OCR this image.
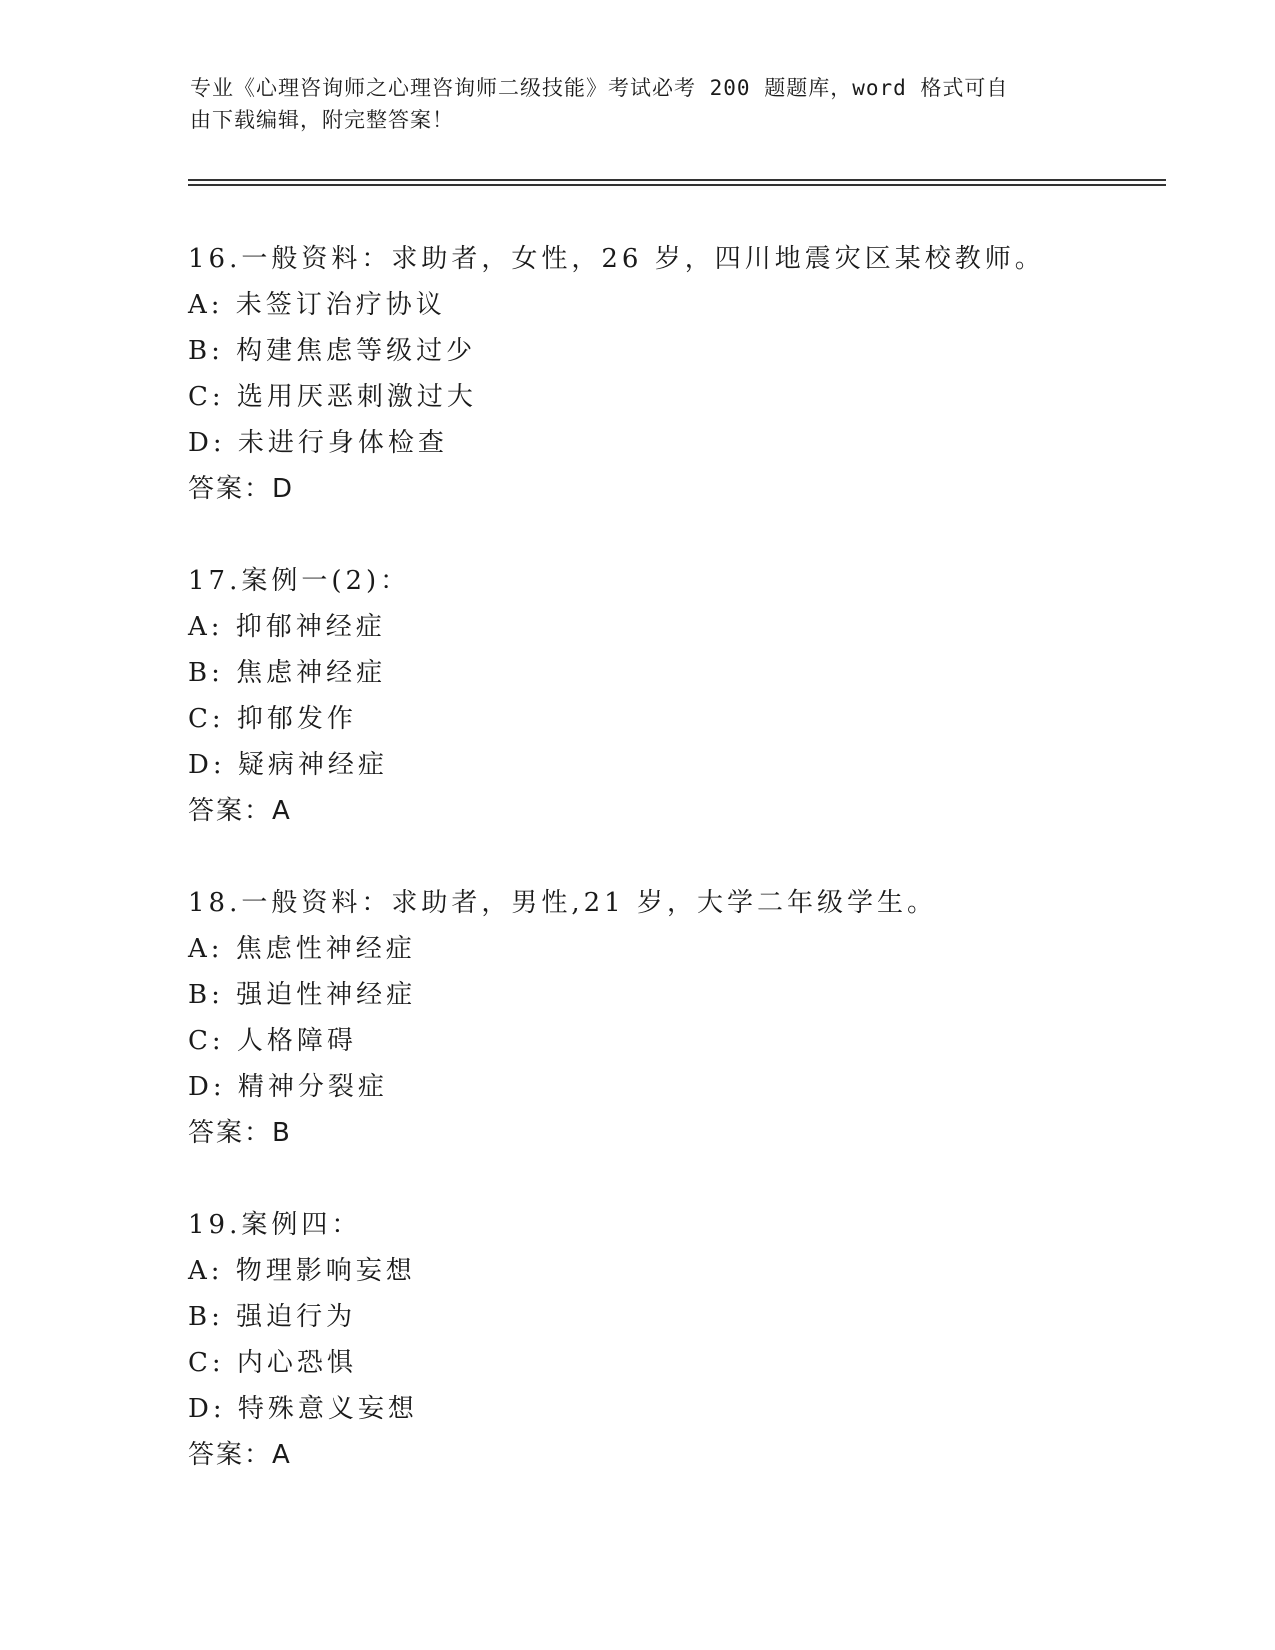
专业《心理咨询师之心理咨询师二级技能》考试必考 200 题题库，word 格式可自

由下载编辑，附完整答案！

16.一般资料：求助者，女性，26 岁，四川地震灾区某校教师。
A: 未签订治疗协议
B: 构建焦虑等级过少
C: 选用厌恶刺激过大
D: 未进行身体检查
答案：D
17.案例一(2)：
A: 抑郁神经症
B: 焦虑神经症
C: 抑郁发作
D: 疑病神经症
答案：A
18.一般资料：求助者，男性,21 岁，大学二年级学生。
A: 焦虑性神经症
B: 强迫性神经症
C: 人格障碍
D: 精神分裂症
答案：B
19.案例四：
A: 物理影响妄想
B: 强迫行为
C: 内心恐惧
D: 特殊意义妄想
答案：A
